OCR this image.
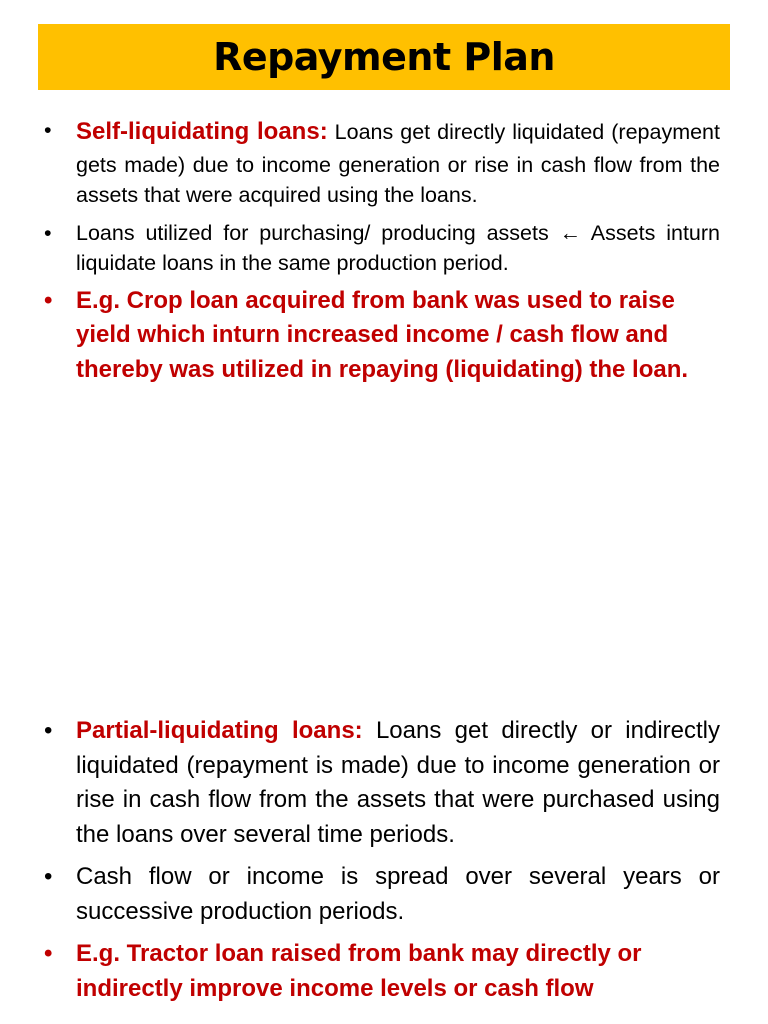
Repayment Plan
• Self-liquidating loans: Loans get directly liquidated (repayment gets made) due to income generation or rise in cash flow from the assets that were acquired using the loans.
• Loans utilized for purchasing/ producing assets ← Assets inturn liquidate loans in the same production period.
• E.g. Crop loan acquired from bank was used to raise yield which inturn increased income / cash flow and thereby was utilized in repaying (liquidating) the loan.
• Partial-liquidating loans: Loans get directly or indirectly liquidated (repayment is made) due to income generation or rise in cash flow from the assets that were purchased using the loans over several time periods.
• Cash flow or income is spread over several years or successive production periods.
• E.g. Tractor loan raised from bank may directly or indirectly improve income levels or cash flow
